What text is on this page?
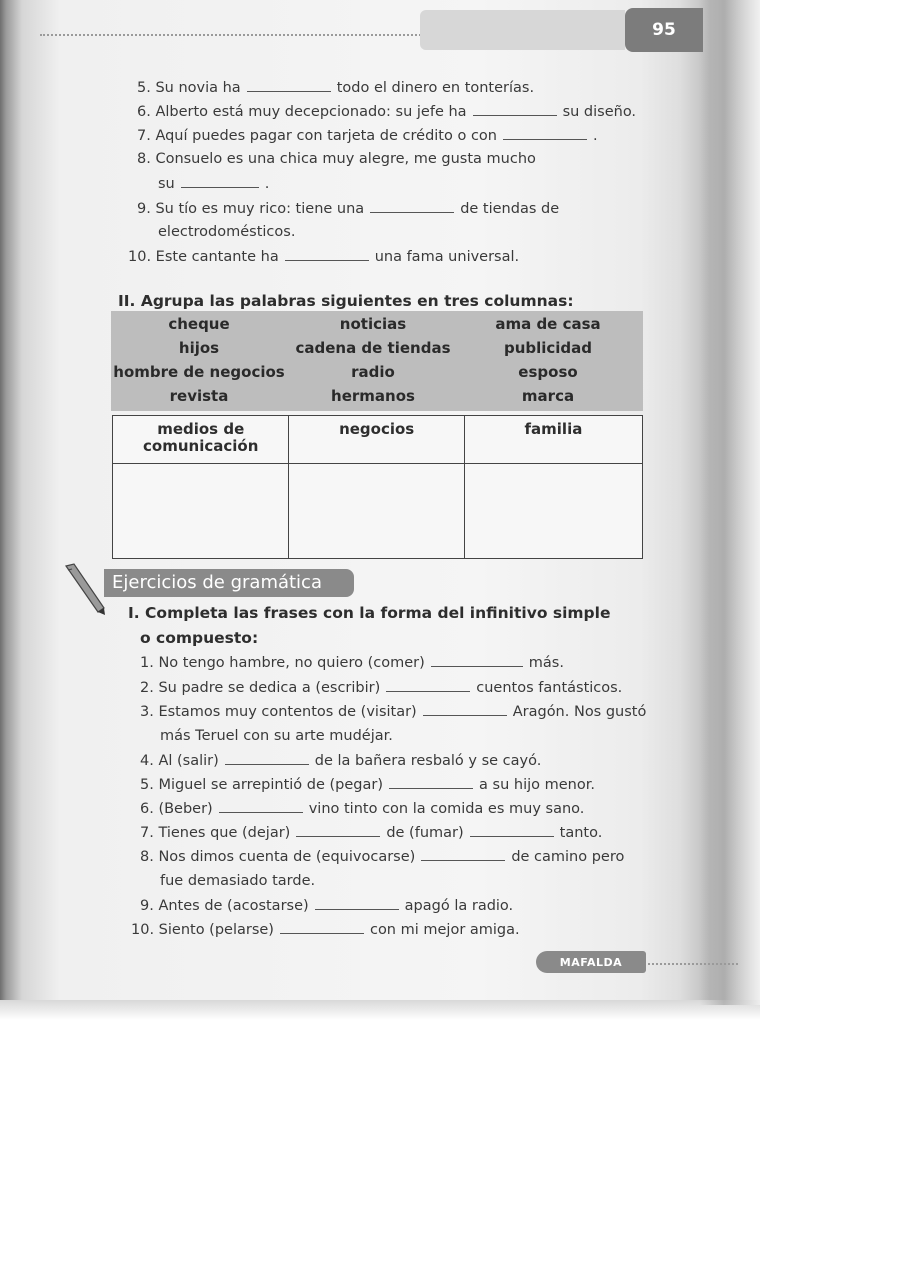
95
5. Su novia ha	todo el dinero en tonterías.
6. Alberto está muy decepcionado: su jefe ha	su diseño.
7. Aquí puedes pagar con tarjeta de crédito o con	.
8. Consuelo es una chica muy alegre, me gusta mucho
su	.
9. Su tío es muy rico: tiene una	de tiendas de
electrodomésticos.
10. Este cantante ha	una fama universal.
II. Agrupa las palabras siguientes en tres columnas:
cheque	noticias	ama de casa
hijos	cadena de tiendas	publicidad
hombre de negocios	radio	esposo
revista	hermanos	marca
medios de comunicación	negocios	familia

Ejercicios de gramática
I. Completa las frases con la forma del infinitivo simple
o compuesto:
1. No tengo hambre, no quiero (comer)	más.
2. Su padre se dedica a (escribir)	cuentos fantásticos.
3. Estamos muy contentos de (visitar)	Aragón. Nos gustó
más Teruel con su arte mudéjar.
4. Al (salir)	de la bañera resbaló y se cayó.
5. Miguel se arrepintió de (pegar)	a su hijo menor.
6. (Beber)	vino tinto con la comida es muy sano.
7. Tienes que (dejar)	de (fumar)	tanto.
8. Nos dimos cuenta de (equivocarse)	de camino pero
fue demasiado tarde.
9. Antes de (acostarse)	apagó la radio.
10. Siento (pelarse)	con mi mejor amiga.
MAFALDA
